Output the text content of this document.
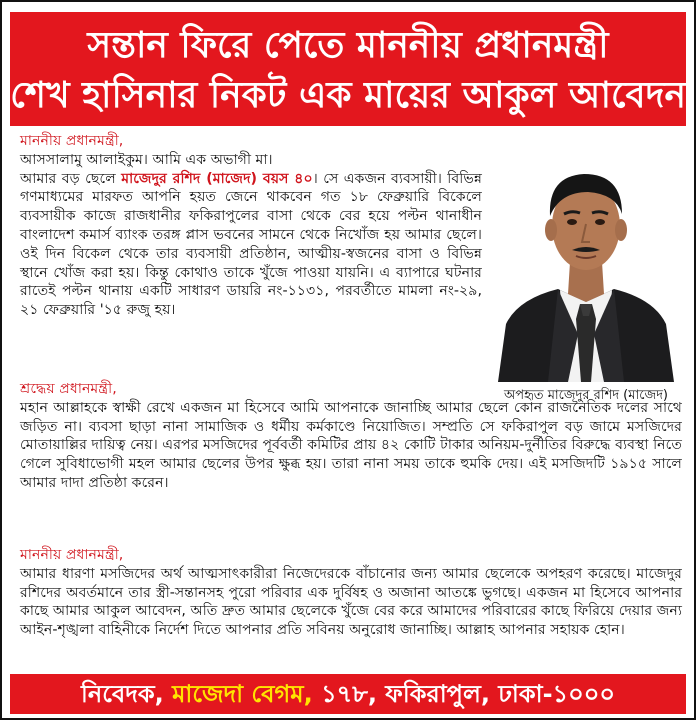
সন্তান ফিরে পেতে মাননীয় প্রধানমন্ত্রী
শেখ হাসিনার নিকট এক মায়ের আকুল আবেদন
মাননীয় প্রধানমন্ত্রী,
আসসালামু আলাইকুম। আমি এক অভাগী মা।
আমার বড় ছেলে মাজেদুর রশিদ (মাজেদ) বয়স ৪০। সে একজন ব্যবসায়ী। বিভিন্ন গণমাধ্যমের মারফত আপনি হয়ত জেনে থাকবেন গত ১৮ ফেব্রুয়ারি বিকেলে ব্যবসায়ীক কাজে রাজধানীর ফকিরাপুলের বাসা থেকে বের হয়ে পল্টন থানাধীন বাংলাদেশ কমার্স ব্যাংক তরঙ্গ প্লাস ভবনের সামনে থেকে নিখোঁজ হয় আমার ছেলে। ওই দিন বিকেল থেকে তার ব্যবসায়ী প্রতিষ্ঠান, আত্মীয়-স্বজনের বাসা ও বিভিন্ন স্থানে খোঁজ করা হয়। কিন্তু কোথাও তাকে খুঁজে পাওয়া যায়নি। এ ব্যাপারে ঘটনার রাতেই পল্টন থানায় একটি সাধারণ ডায়রি নং-১১৩১, পরবর্তীতে মামলা নং-২৯, ২১ ফেব্রুয়ারি '১৫ রুজু হয়।
অপহৃত মাজেদুর রশিদ (মাজেদ)
শ্রদ্ধেয় প্রধানমন্ত্রী,
মহান আল্লাহকে স্বাক্ষী রেখে একজন মা হিসেবে আমি আপনাকে জানাচ্ছি আমার ছেলে কোন রাজনৈতিক দলের সাথে জড়িত না। ব্যবসা ছাড়া নানা সামাজিক ও ধর্মীয় কর্মকাণ্ডে নিয়োজিত। সম্প্রতি সে ফকিরাপুল বড় জামে মসজিদের মোতায়াল্লির দায়িত্ব নেয়। এরপর মসজিদের পূর্ববর্তী কমিটির প্রায় ৪২ কোটি টাকার অনিয়ম-দুর্নীতির বিরুদ্ধে ব্যবস্থা নিতে গেলে সুবিধাভোগী মহল আমার ছেলের উপর ক্ষুব্ধ হয়। তারা নানা সময় তাকে হুমকি দেয়। এই মসজিদটি ১৯১৫ সালে আমার দাদা প্রতিষ্ঠা করেন।
মাননীয় প্রধানমন্ত্রী,
আমার ধারণা মসজিদের অর্থ আত্মসাৎকারীরা নিজেদেরকে বাঁচানোর জন্য আমার ছেলেকে অপহরণ করেছে। মাজেদুর রশিদের অবর্তমানে তার স্ত্রী-সন্তানসহ পুরো পরিবার এক দুর্বিষহ ও অজানা আতঙ্কে ভুগছে। একজন মা হিসেবে আপনার কাছে আমার আকুল আবেদন, অতি দ্রুত আমার ছেলেকে খুঁজে বের করে আমাদের পরিবারের কাছে ফিরিয়ে দেয়ার জন্য আইন-শৃঙ্খলা বাহিনীকে নির্দেশ দিতে আপনার প্রতি সবিনয় অনুরোধ জানাচ্ছি। আল্লাহ আপনার সহায়ক হোন।
নিবেদক, মাজেদা বেগম, ১৭৮, ফকিরাপুল, ঢাকা-১০০০
